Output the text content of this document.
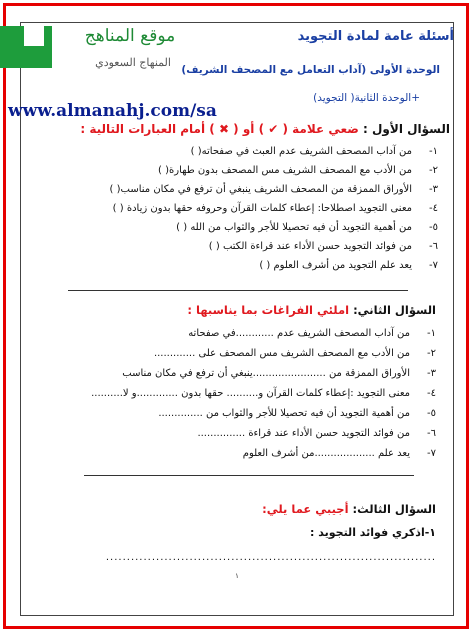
موقع المناهج
المنهاج السعودي
www.almanahj.com/sa
أسئلة عامة لمادة التجويد
الوحدة الأولى (آداب التعامل مع المصحف الشريف)
+الوحدة الثانية( التجويد)
السؤال الأول : ضعي علامة ( ✔ ) أو ( ✖ ) أمام العبارات التالية :
١-من آداب المصحف الشريف عدم العبث في صفحاته( )
٢-من الأدب مع المصحف الشريف مس المصحف بدون طهارة( )
٣-الأوراق الممزقة من المصحف الشريف ينبغي أن ترفع في مكان مناسب( )
٤-معنى التجويد اصطلاحا: إعطاء كلمات القرآن وحروفه حقها بدون زيادة ( )
٥-من أهمية التجويد أن فيه تحصيلا للأجر والثواب من الله ( )
٦-من فوائد التجويد حسن الأداء عند قراءة الكتب ( )
٧-يعد علم التجويد من أشرف العلوم ( )
السؤال الثاني: املئي الفراغات بما يناسبها :
١-من آداب المصحف الشريف عدم ............في صفحاته
٢-من الأدب مع المصحف الشريف مس المصحف على .............
٣-الأوراق الممزقة من .......................ينبغي أن ترفع في مكان مناسب
٤-معنى التجويد :إعطاء كلمات القرآن و.......... حقها بدون .............و لا..........
٥-من أهمية التجويد أن فيه تحصيلا للأجر والثواب من ..............
٦-من فوائد التجويد حسن الأداء عند قراءة ...............
٧-يعد علم ...................من أشرف العلوم
السؤال الثالث: أجيبي عما يلي:
١-اذكري فوائد التجويد :
...............................................................................
١
